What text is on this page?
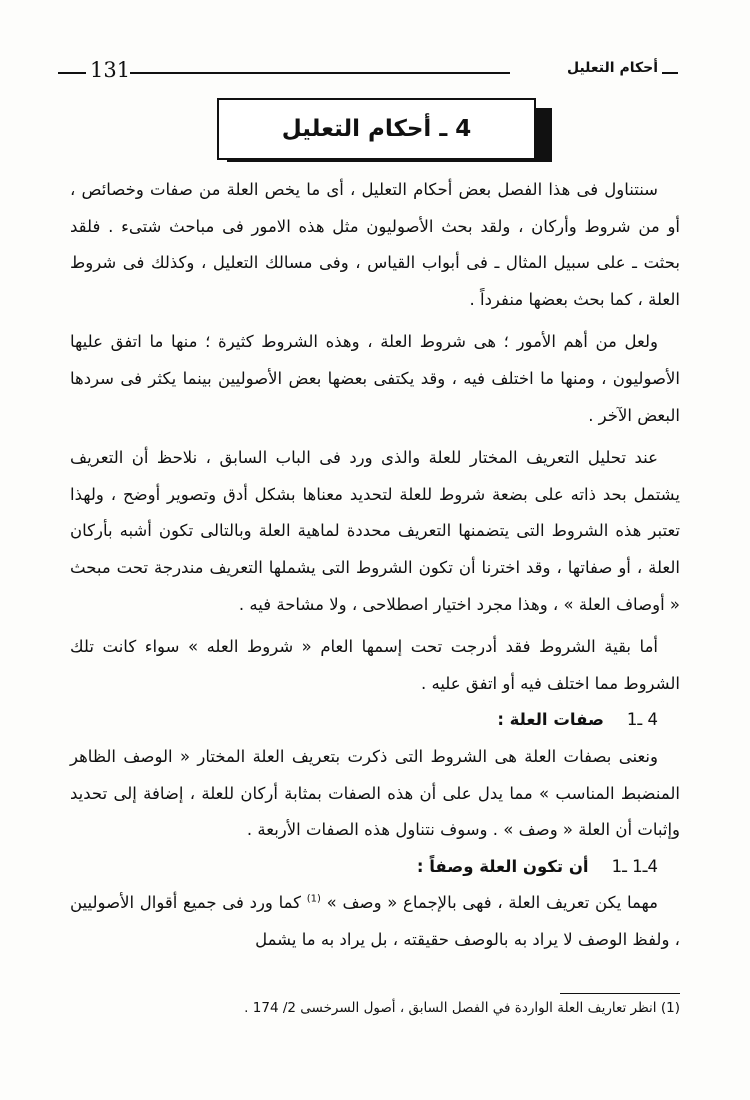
131	أحكام التعليل
4 ـ أحكام التعليل

سنتناول فى هذا الفصل بعض أحكام التعليل ، أى ما يخص العلة من صفات وخصائص ، أو من شروط وأركان ، ولقد بحث الأصوليون مثل هذه الامور فى مباحث شتىء . فلقد بحثت ـ على سبيل المثال ـ فى أبواب القياس ، وفى مسالك التعليل ، وكذلك فى شروط العلة ، كما بحث بعضها منفرداً .

ولعل من أهم الأمور ؛ هى شروط العلة ، وهذه الشروط كثيرة ؛ منها ما اتفق عليها الأصوليون ، ومنها ما اختلف فيه ، وقد يكتفى بعضها بعض الأصوليين بينما يكثر فى سردها البعض الآخر .

عند تحليل التعريف المختار للعلة والذى ورد فى الباب السابق ، نلاحظ أن التعريف يشتمل بحد ذاته على بضعة شروط للعلة لتحديد معناها بشكل أدق وتصوير أوضح ، ولهذا تعتبر هذه الشروط التى يتضمنها التعريف محددة لماهية العلة وبالتالى تكون أشبه بأركان العلة ، أو صفاتها ، وقد اخترنا أن تكون الشروط التى يشملها التعريف مندرجة تحت مبحث « أوصاف العلة » ، وهذا مجرد اختيار اصطلاحى ، ولا مشاحة فيه .

أما بقية الشروط فقد أدرجت تحت إسمها العام « شروط العله » سواء كانت تلك الشروط مما اختلف فيه أو اتفق عليه .

4 ـ1    صفات العلة :

ونعنى بصفات العلة هى الشروط التى ذكرت بتعريف العلة المختار « الوصف الظاهر المنضبط المناسب » مما يدل على أن هذه الصفات بمثابة أركان للعلة ، إضافة إلى تحديد وإثبات أن العلة « وصف » . وسوف نتناول هذه الصفات الأربعة .

4ـ1 ـ1    أن تكون العلة وصفاً :

مهما يكن تعريف العلة ، فهى بالإجماع « وصف » $^{(1)}$ كما ورد فى جميع أقوال الأصوليين ، ولفظ الوصف لا يراد به بالوصف حقيقته ، بل يراد به ما يشمل

(1) انظر تعاريف العلة الواردة في الفصل السابق ، أصول السرخسى 2/ 174 .
